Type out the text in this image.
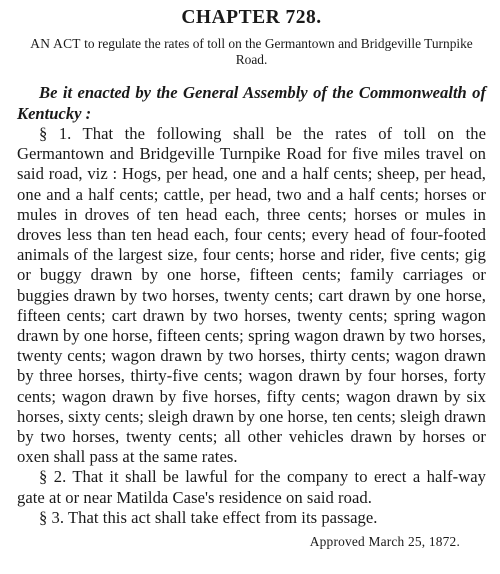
CHAPTER 728.

AN ACT to regulate the rates of toll on the Germantown and Bridgeville Turnpike Road.

Be it enacted by the General Assembly of the Commonwealth of Kentucky :

§ 1. That the following shall be the rates of toll on the Germantown and Bridgeville Turnpike Road for five miles travel on said road, viz : Hogs, per head, one and a half cents; sheep, per head, one and a half cents; cattle, per head, two and a half cents; horses or mules in droves of ten head each, three cents; horses or mules in droves less than ten head each, four cents; every head of four-footed animals of the largest size, four cents; horse and rider, five cents; gig or buggy drawn by one horse, fifteen cents; family carriages or buggies drawn by two horses, twenty cents; cart drawn by one horse, fifteen cents; cart drawn by two horses, twenty cents; spring wagon drawn by one horse, fifteen cents; spring wagon drawn by two horses, twenty cents; wagon drawn by two horses, thirty cents; wagon drawn by three horses, thirty-five cents; wagon drawn by four horses, forty cents; wagon drawn by five horses, fifty cents; wagon drawn by six horses, sixty cents; sleigh drawn by one horse, ten cents; sleigh drawn by two horses, twenty cents; all other vehicles drawn by horses or oxen shall pass at the same rates.

§ 2. That it shall be lawful for the company to erect a half-way gate at or near Matilda Case's residence on said road.

§ 3. That this act shall take effect from its passage.

Approved March 25, 1872.
